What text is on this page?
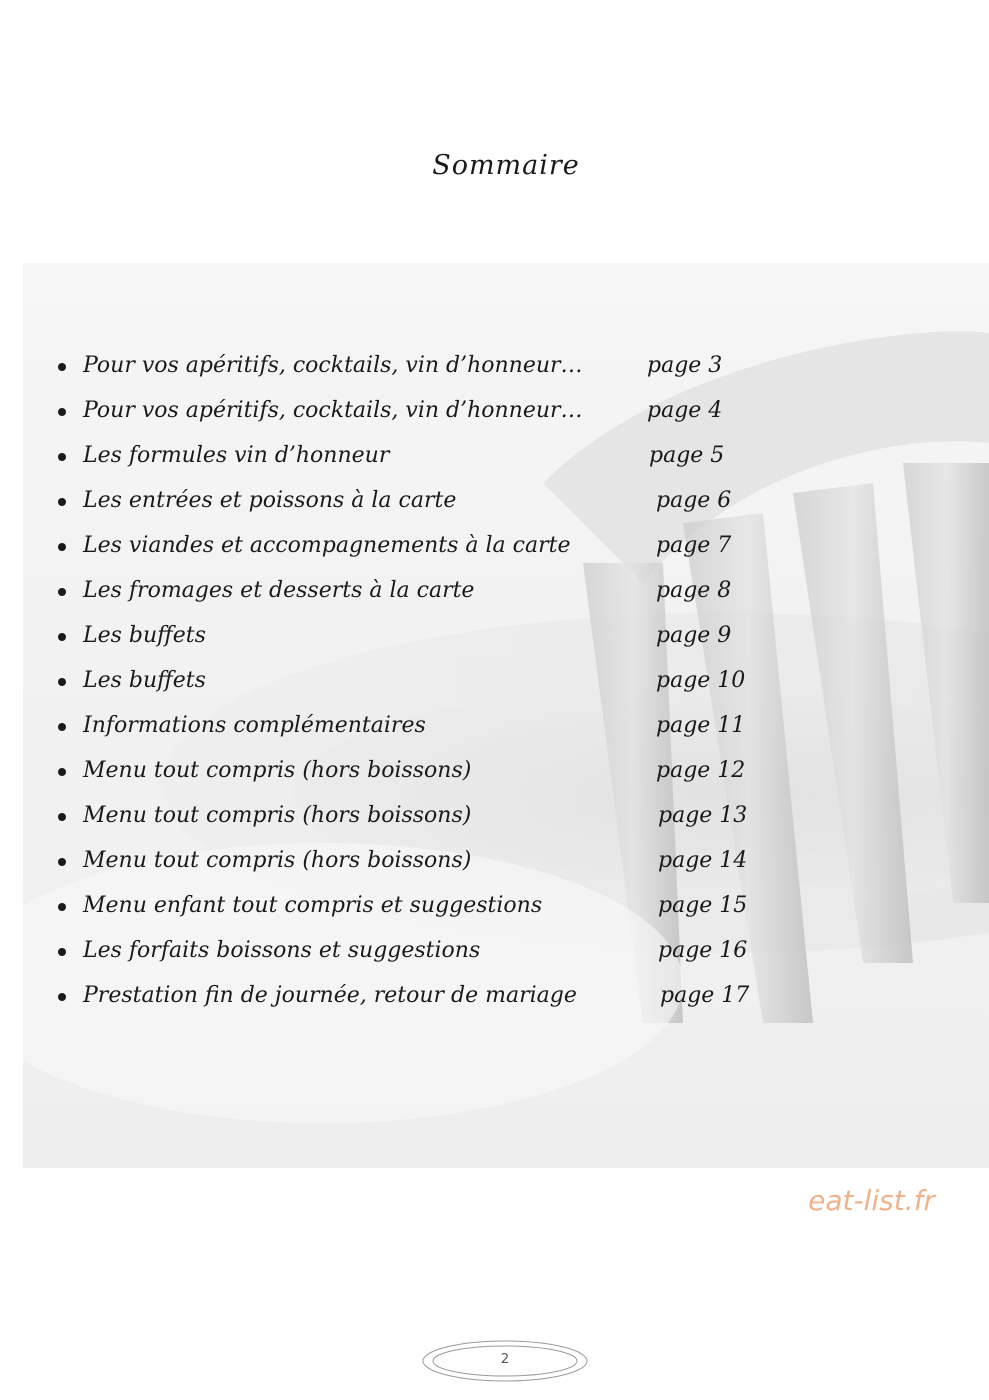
Sommaire
Pour vos apéritifs, cocktails, vin d’honneur…	page 3
Pour vos apéritifs, cocktails, vin d’honneur…	page 4
Les formules vin d’honneur	page 5
Les entrées et poissons à la carte	page 6
Les viandes et accompagnements à la carte	page 7
Les fromages et desserts à la carte	page 8
Les buffets	page 9
Les buffets	page 10
Informations complémentaires	page 11
Menu tout compris (hors boissons)	page 12
Menu tout compris (hors boissons)	page 13
Menu tout compris (hors boissons)	page 14
Menu enfant tout compris et suggestions	page 15
Les forfaits boissons et suggestions	page 16
Prestation fin de journée, retour de mariage	page 17
eat-list.fr
2
